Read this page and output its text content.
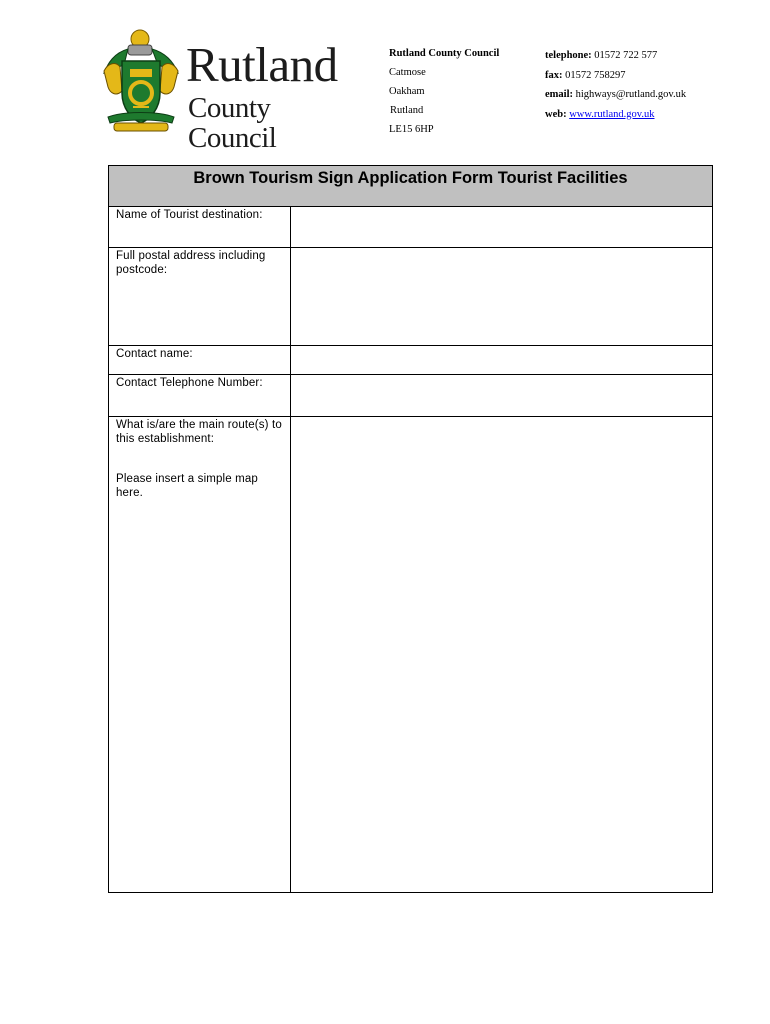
Rutland
County Council
Rutland County Council
Catmose
Oakham
Rutland
LE15 6HP
telephone: 01572 722 577
fax: 01572 758297
email: highways@rutland.gov.uk
web: www.rutland.gov.uk
Brown Tourism Sign Application Form Tourist Facilities
Name of Tourist destination:
Full postal address including postcode:
Contact name:
Contact Telephone Number:
What is/are the main route(s) to this establishment:
Please insert a simple map here.
